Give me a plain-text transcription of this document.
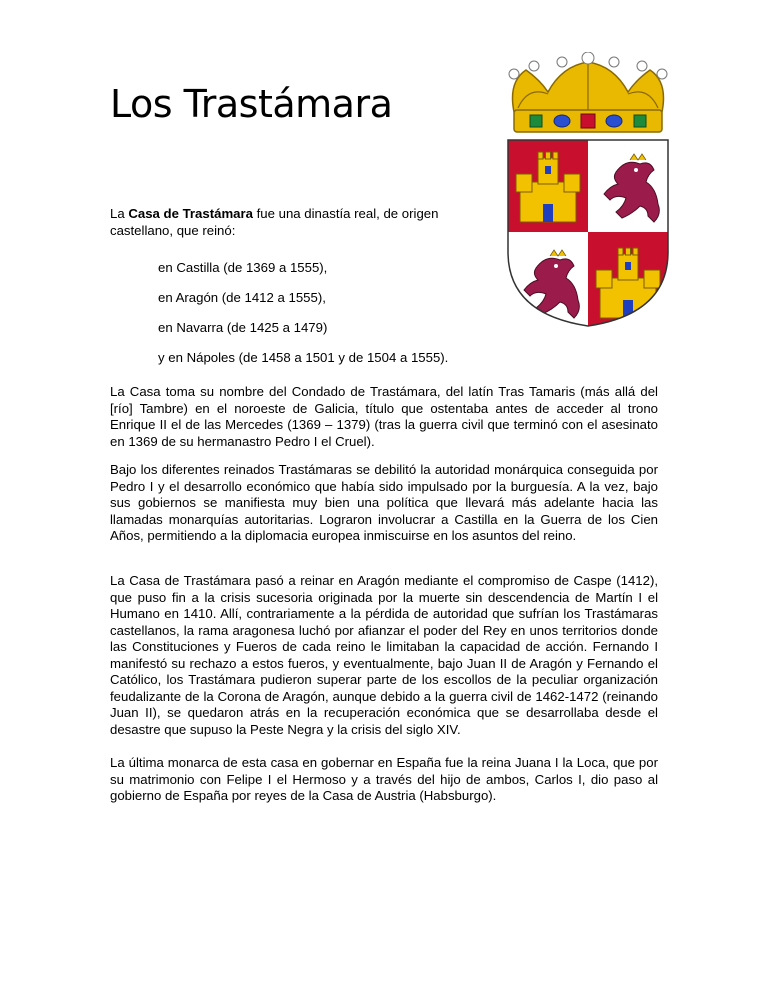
Los Trastámara
La Casa de Trastámara fue una dinastía real, de origen castellano, que reinó:
en Castilla (de 1369 a 1555),
en Aragón (de 1412 a 1555),
en Navarra (de 1425 a 1479)
y en Nápoles (de 1458 a 1501 y de 1504 a 1555).

La Casa toma su nombre del Condado de Trastámara, del latín Tras Tamaris (más allá del [río] Tambre) en el noroeste de Galicia, título que ostentaba antes de acceder al trono Enrique II el de las Mercedes (1369 – 1379) (tras la guerra civil que terminó con el asesinato en 1369 de su hermanastro Pedro I el Cruel).

Bajo los diferentes reinados Trastámaras se debilitó la autoridad monárquica conseguida por Pedro I y el desarrollo económico que había sido impulsado por la burguesía. A la vez, bajo sus gobiernos se manifiesta muy bien una política que llevará más adelante hacia las llamadas monarquías autoritarias. Lograron involucrar a Castilla en la Guerra de los Cien Años, permitiendo a la diplomacia europea inmiscuirse en los asuntos del reino.

La Casa de Trastámara pasó a reinar en Aragón mediante el compromiso de Caspe (1412), que puso fin a la crisis sucesoria originada por la muerte sin descendencia de Martín I el Humano en 1410. Allí, contrariamente a la pérdida de autoridad que sufrían los Trastámaras castellanos, la rama aragonesa luchó por afianzar el poder del Rey en unos territorios donde las Constituciones y Fueros de cada reino le limitaban la capacidad de acción. Fernando I manifestó su rechazo a estos fueros, y eventualmente, bajo Juan II de Aragón y Fernando el Católico, los Trastámara pudieron superar parte de los escollos de la peculiar organización feudalizante de la Corona de Aragón, aunque debido a la guerra civil de 1462-1472 (reinando Juan II), se quedaron atrás en la recuperación económica que se desarrollaba desde el desastre que supuso la Peste Negra y la crisis del siglo XIV.

La última monarca de esta casa en gobernar en España fue la reina Juana I la Loca, que por su matrimonio con Felipe I el Hermoso y a través del hijo de ambos, Carlos I, dio paso al gobierno de España por reyes de la Casa de Austria (Habsburgo).
